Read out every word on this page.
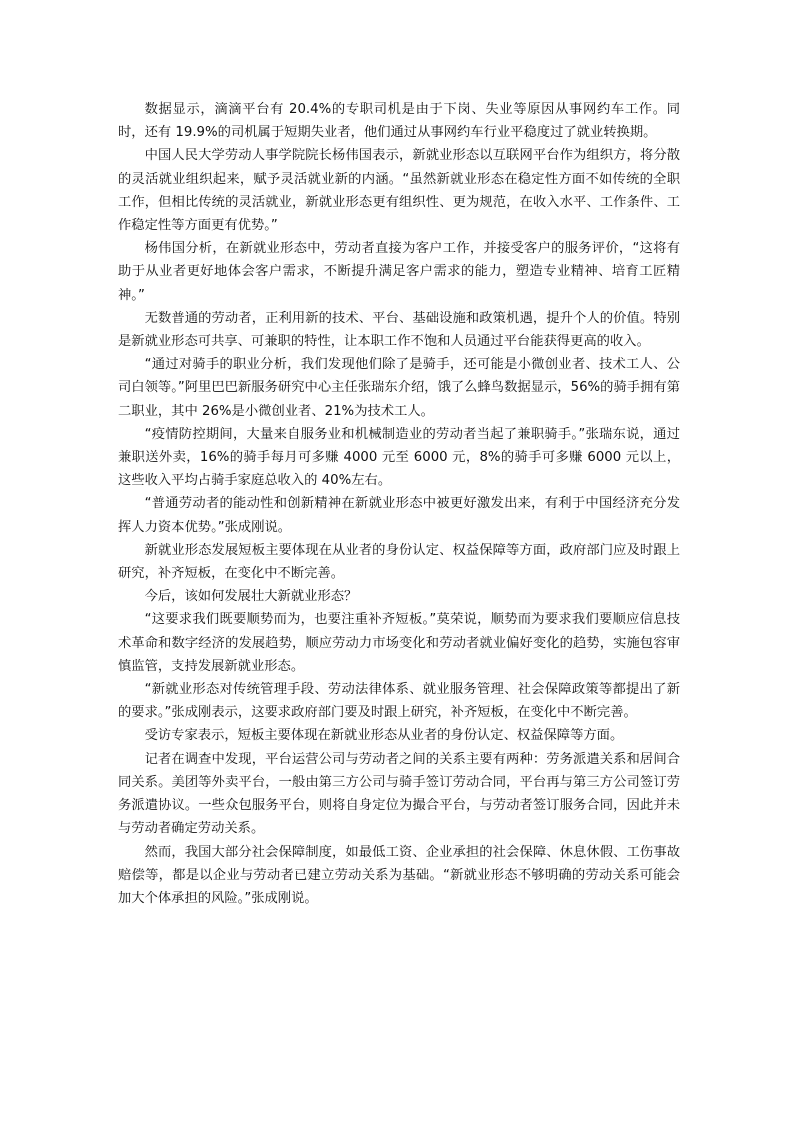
数据显示，滴滴平台有 20.4%的专职司机是由于下岗、失业等原因从事网约车工作。同时，还有 19.9%的司机属于短期失业者，他们通过从事网约车行业平稳度过了就业转换期。

中国人民大学劳动人事学院院长杨伟国表示，新就业形态以互联网平台作为组织方，将分散的灵活就业组织起来，赋予灵活就业新的内涵。“虽然新就业形态在稳定性方面不如传统的全职工作，但相比传统的灵活就业，新就业形态更有组织性、更为规范，在收入水平、工作条件、工作稳定性等方面更有优势。”

杨伟国分析，在新就业形态中，劳动者直接为客户工作，并接受客户的服务评价，“这将有助于从业者更好地体会客户需求，不断提升满足客户需求的能力，塑造专业精神、培育工匠精神。”

无数普通的劳动者，正利用新的技术、平台、基础设施和政策机遇，提升个人的价值。特别是新就业形态可共享、可兼职的特性，让本职工作不饱和人员通过平台能获得更高的收入。

“通过对骑手的职业分析，我们发现他们除了是骑手，还可能是小微创业者、技术工人、公司白领等。”阿里巴巴新服务研究中心主任张瑞东介绍，饿了么蜂鸟数据显示，56%的骑手拥有第二职业，其中 26%是小微创业者、21%为技术工人。

“疫情防控期间，大量来自服务业和机械制造业的劳动者当起了兼职骑手。”张瑞东说，通过兼职送外卖，16%的骑手每月可多赚 4000 元至 6000 元，8%的骑手可多赚 6000 元以上，这些收入平均占骑手家庭总收入的 40%左右。

“普通劳动者的能动性和创新精神在新就业形态中被更好激发出来，有利于中国经济充分发挥人力资本优势。”张成刚说。

新就业形态发展短板主要体现在从业者的身份认定、权益保障等方面，政府部门应及时跟上研究，补齐短板，在变化中不断完善。

今后，该如何发展壮大新就业形态？

“这要求我们既要顺势而为，也要注重补齐短板。”莫荣说，顺势而为要求我们要顺应信息技术革命和数字经济的发展趋势，顺应劳动力市场变化和劳动者就业偏好变化的趋势，实施包容审慎监管，支持发展新就业形态。

“新就业形态对传统管理手段、劳动法律体系、就业服务管理、社会保障政策等都提出了新的要求。”张成刚表示，这要求政府部门要及时跟上研究，补齐短板，在变化中不断完善。

受访专家表示，短板主要体现在新就业形态从业者的身份认定、权益保障等方面。

记者在调查中发现，平台运营公司与劳动者之间的关系主要有两种：劳务派遣关系和居间合同关系。美团等外卖平台，一般由第三方公司与骑手签订劳动合同，平台再与第三方公司签订劳务派遣协议。一些众包服务平台，则将自身定位为撮合平台，与劳动者签订服务合同，因此并未与劳动者确定劳动关系。

然而，我国大部分社会保障制度，如最低工资、企业承担的社会保障、休息休假、工伤事故赔偿等，都是以企业与劳动者已建立劳动关系为基础。“新就业形态不够明确的劳动关系可能会加大个体承担的风险。”张成刚说。
